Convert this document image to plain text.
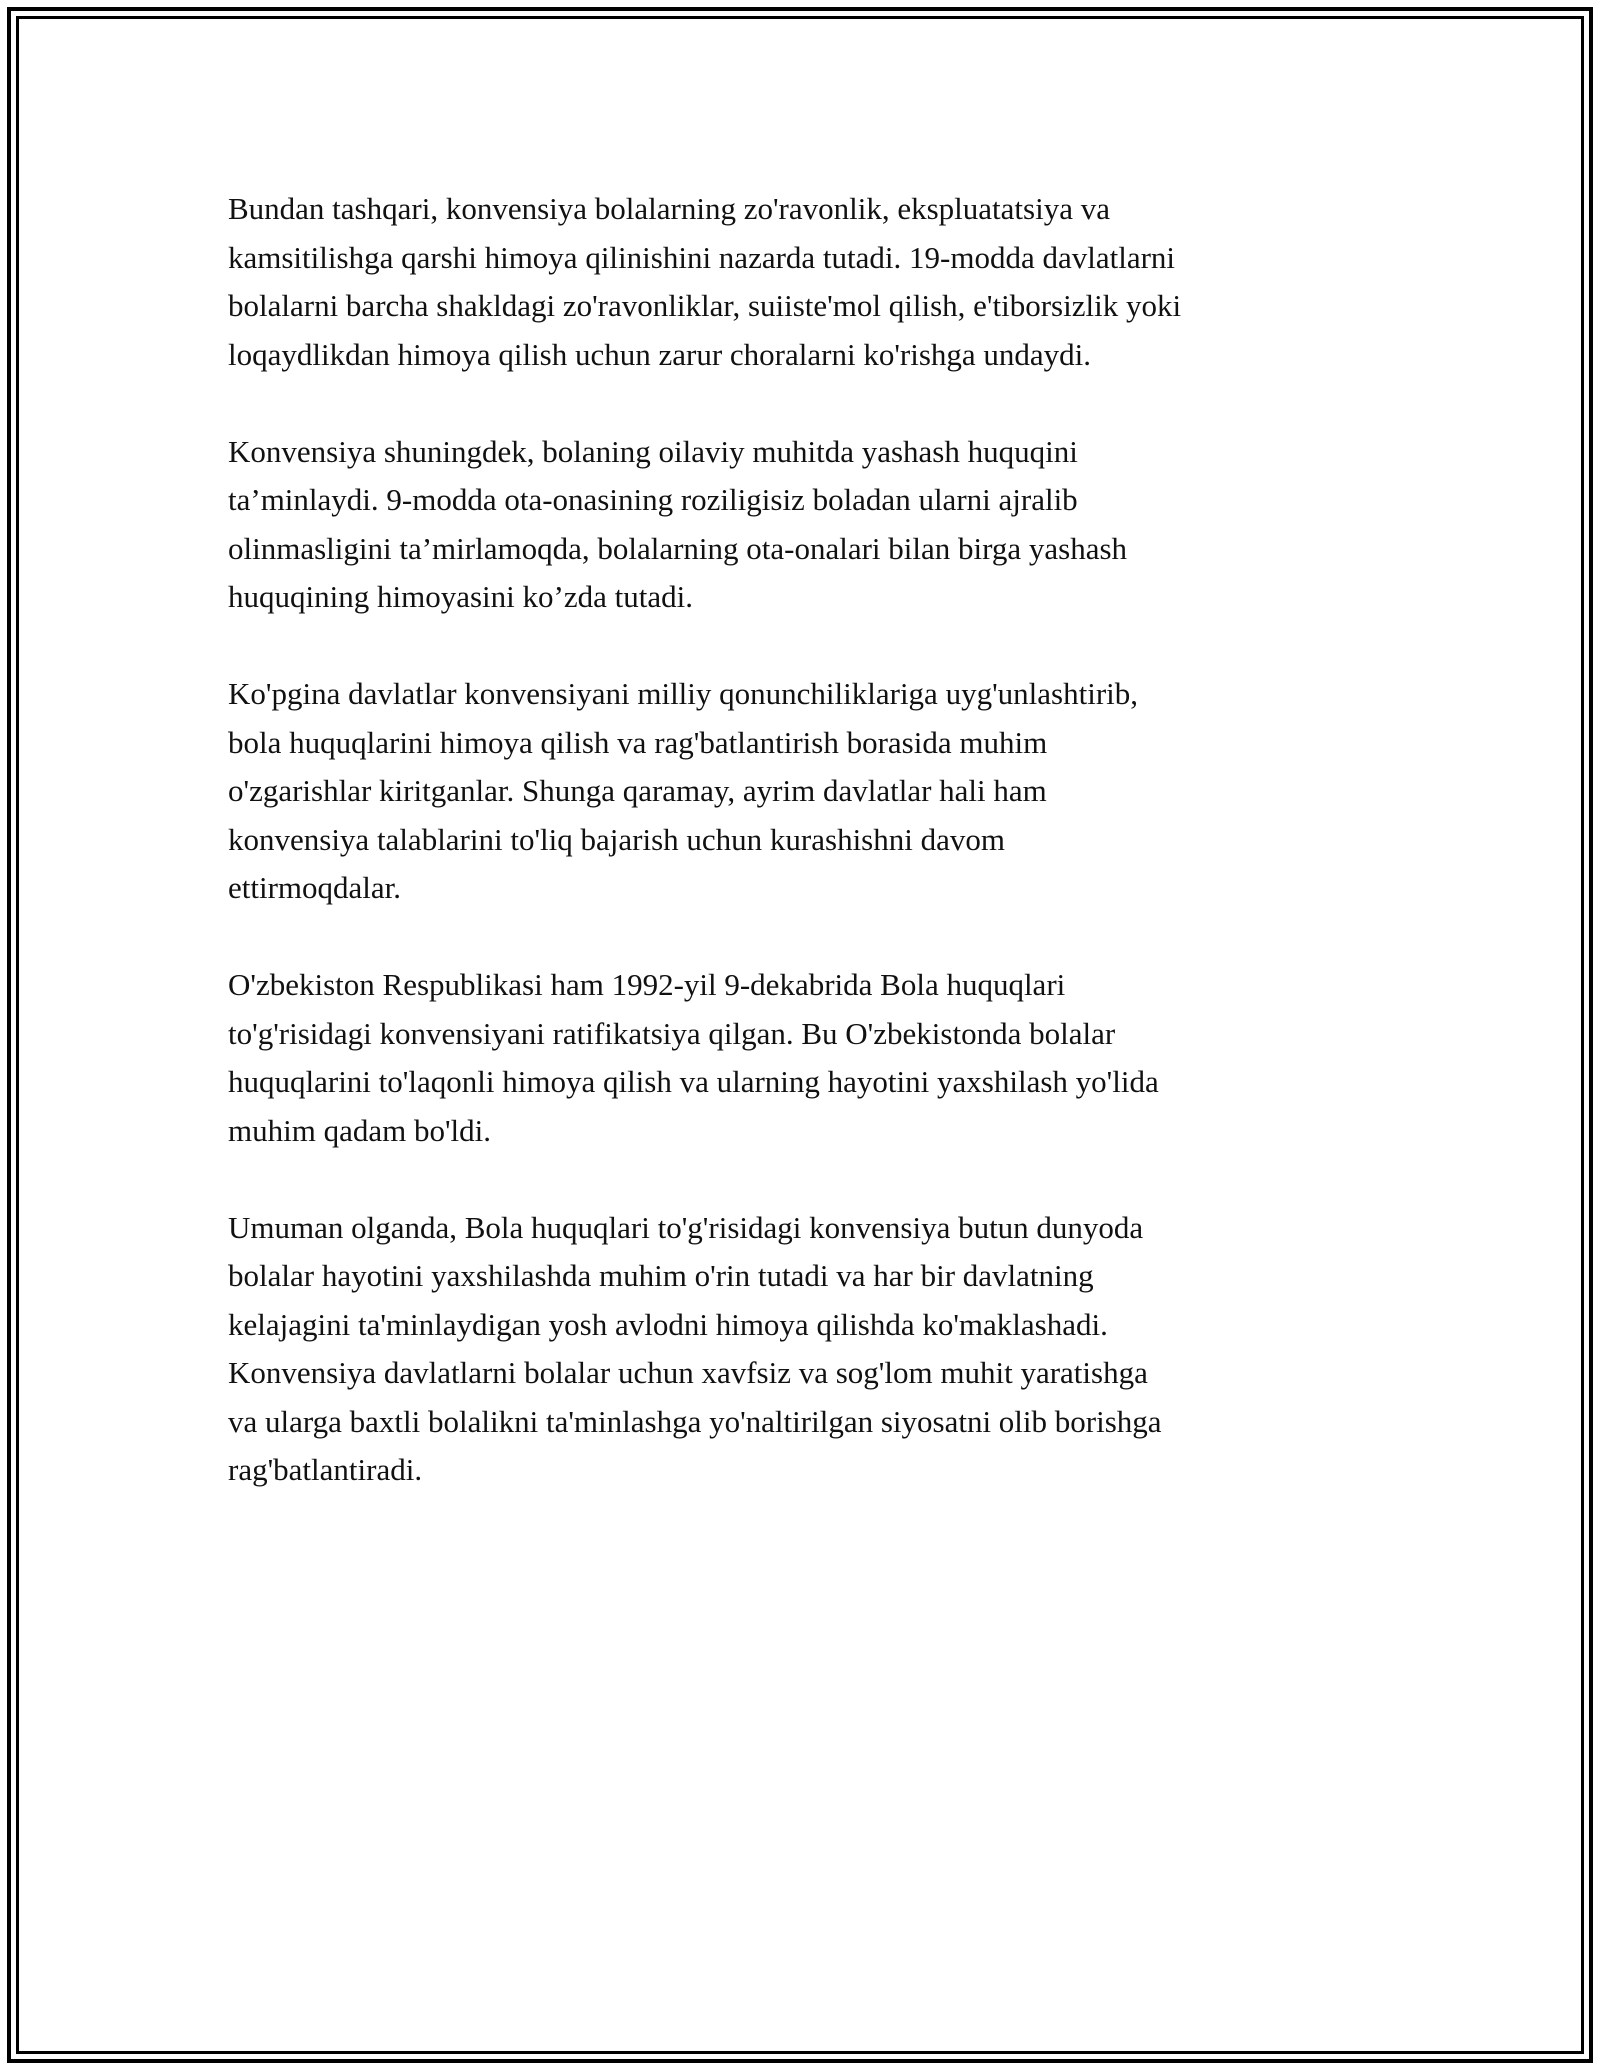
Bundan tashqari, konvensiya bolalarning zo'ravonlik, ekspluatatsiya va
kamsitilishga qarshi himoya qilinishini nazarda tutadi. 19-modda davlatlarni
bolalarni barcha shakldagi zo'ravonliklar, suiiste'mol qilish, e'tiborsizlik yoki
loqaydlikdan himoya qilish uchun zarur choralarni ko'rishga undaydi.

Konvensiya shuningdek, bolaning oilaviy muhitda yashash huquqini
ta’minlaydi. 9-modda ota-onasining roziligisiz boladan ularni ajralib
olinmasligini ta’mirlamoqda, bolalarning ota-onalari bilan birga yashash
huquqining himoyasini ko’zda tutadi.

Ko'pgina davlatlar konvensiyani milliy qonunchiliklariga uyg'unlashtirib,
bola huquqlarini himoya qilish va rag'batlantirish borasida muhim
o'zgarishlar kiritganlar. Shunga qaramay, ayrim davlatlar hali ham
konvensiya talablarini to'liq bajarish uchun kurashishni davom
ettirmoqdalar.

O'zbekiston Respublikasi ham 1992-yil 9-dekabrida Bola huquqlari
to'g'risidagi konvensiyani ratifikatsiya qilgan. Bu O'zbekistonda bolalar
huquqlarini to'laqonli himoya qilish va ularning hayotini yaxshilash yo'lida
muhim qadam bo'ldi.

Umuman olganda, Bola huquqlari to'g'risidagi konvensiya butun dunyoda
bolalar hayotini yaxshilashda muhim o'rin tutadi va har bir davlatning
kelajagini ta'minlaydigan yosh avlodni himoya qilishda ko'maklashadi.
Konvensiya davlatlarni bolalar uchun xavfsiz va sog'lom muhit yaratishga
va ularga baxtli bolalikni ta'minlashga yo'naltirilgan siyosatni olib borishga
rag'batlantiradi.
